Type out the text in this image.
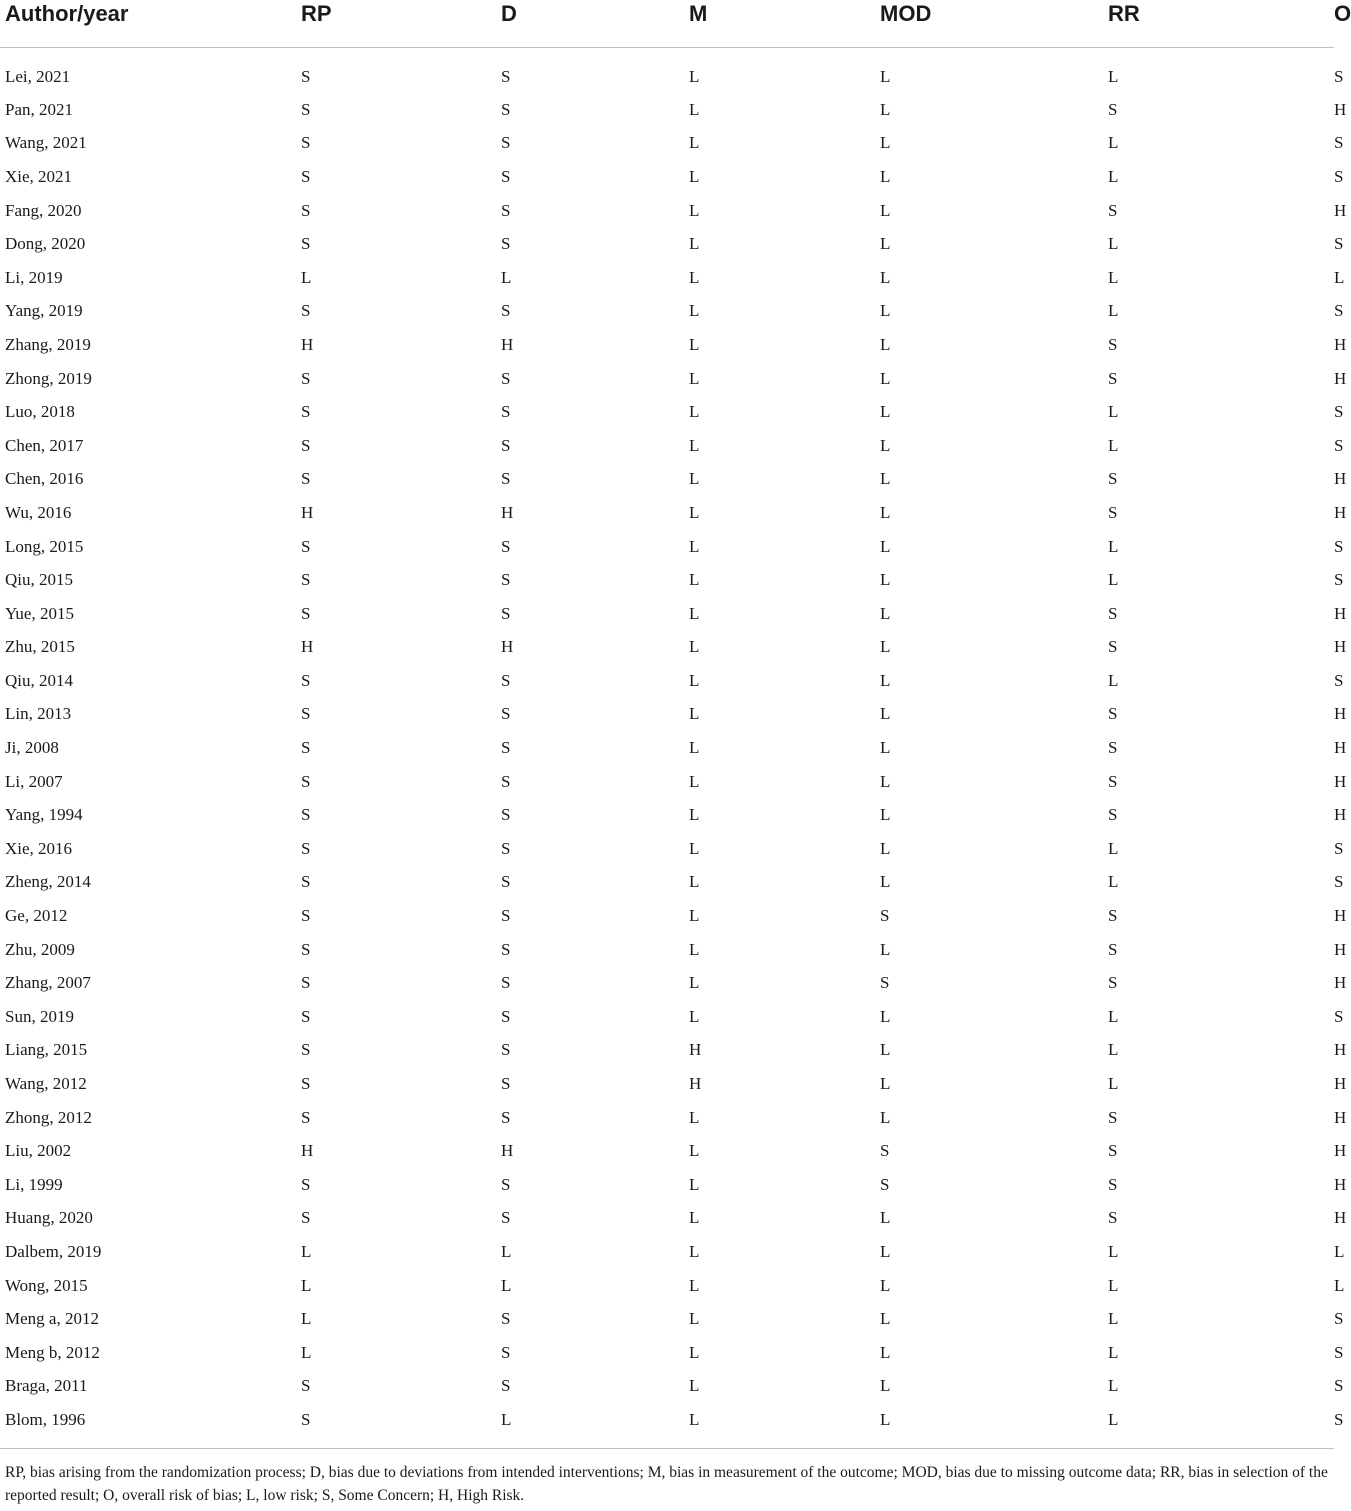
Author/year	RP	D	M	MOD	RR	O
Lei, 2021	S	S	L	L	L	S
Pan, 2021	S	S	L	L	S	H
Wang, 2021	S	S	L	L	L	S
Xie, 2021	S	S	L	L	L	S
Fang, 2020	S	S	L	L	S	H
Dong, 2020	S	S	L	L	L	S
Li, 2019	L	L	L	L	L	L
Yang, 2019	S	S	L	L	L	S
Zhang, 2019	H	H	L	L	S	H
Zhong, 2019	S	S	L	L	S	H
Luo, 2018	S	S	L	L	L	S
Chen, 2017	S	S	L	L	L	S
Chen, 2016	S	S	L	L	S	H
Wu, 2016	H	H	L	L	S	H
Long, 2015	S	S	L	L	L	S
Qiu, 2015	S	S	L	L	L	S
Yue, 2015	S	S	L	L	S	H
Zhu, 2015	H	H	L	L	S	H
Qiu, 2014	S	S	L	L	L	S
Lin, 2013	S	S	L	L	S	H
Ji, 2008	S	S	L	L	S	H
Li, 2007	S	S	L	L	S	H
Yang, 1994	S	S	L	L	S	H
Xie, 2016	S	S	L	L	L	S
Zheng, 2014	S	S	L	L	L	S
Ge, 2012	S	S	L	S	S	H
Zhu, 2009	S	S	L	L	S	H
Zhang, 2007	S	S	L	S	S	H
Sun, 2019	S	S	L	L	L	S
Liang, 2015	S	S	H	L	L	H
Wang, 2012	S	S	H	L	L	H
Zhong, 2012	S	S	L	L	S	H
Liu, 2002	H	H	L	S	S	H
Li, 1999	S	S	L	S	S	H
Huang, 2020	S	S	L	L	S	H
Dalbem, 2019	L	L	L	L	L	L
Wong, 2015	L	L	L	L	L	L
Meng a, 2012	L	S	L	L	L	S
Meng b, 2012	L	S	L	L	L	S
Braga, 2011	S	S	L	L	L	S
Blom, 1996	S	L	L	L	L	S
RP, bias arising from the randomization process; D, bias due to deviations from intended interventions; M, bias in measurement of the outcome; MOD, bias due to missing outcome data; RR, bias in selection of the reported result; O, overall risk of bias; L, low risk; S, Some Concern; H, High Risk.
